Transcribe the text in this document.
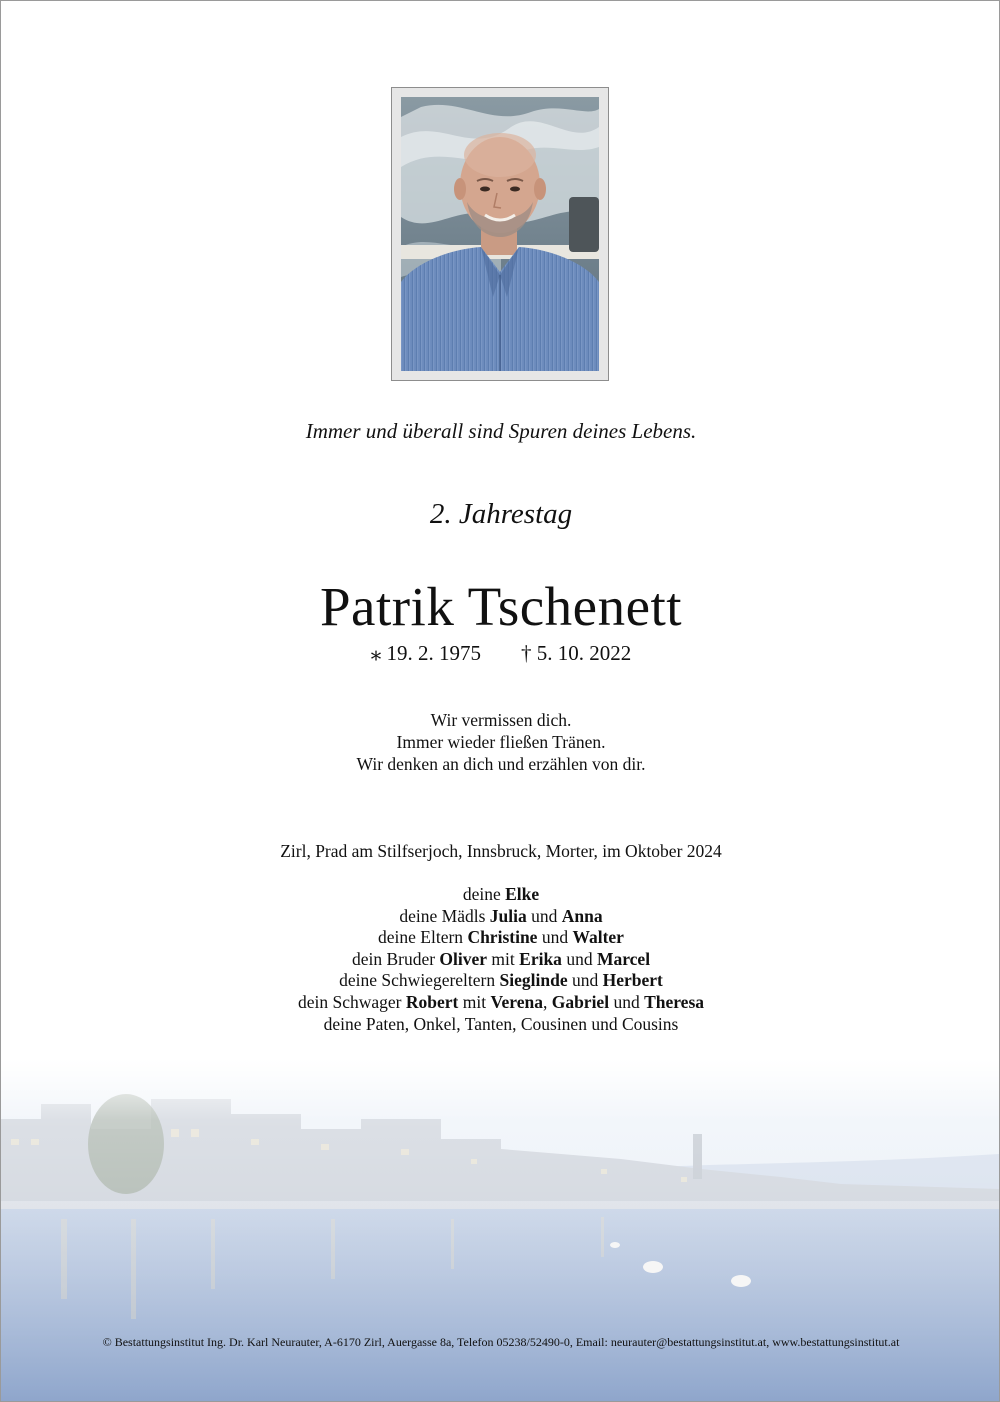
Immer und überall sind Spuren deines Lebens.
2. Jahrestag
Patrik Tschenett
⁎ 19. 2. 1975 † 5. 10. 2022
Wir vermissen dich.
Immer wieder fließen Tränen.
Wir denken an dich und erzählen von dir.
Zirl, Prad am Stilfserjoch, Innsbruck, Morter, im Oktober 2024
deine Elke
deine Mädls Julia und Anna
deine Eltern Christine und Walter
dein Bruder Oliver mit Erika und Marcel
deine Schwiegereltern Sieglinde und Herbert
dein Schwager Robert mit Verena, Gabriel und Theresa
deine Paten, Onkel, Tanten, Cousinen und Cousins
© Bestattungsinstitut Ing. Dr. Karl Neurauter, A-6170 Zirl, Auergasse 8a, Telefon 05238/52490-0, Email: neurauter@bestattungsinstitut.at, www.bestattungsinstitut.at
